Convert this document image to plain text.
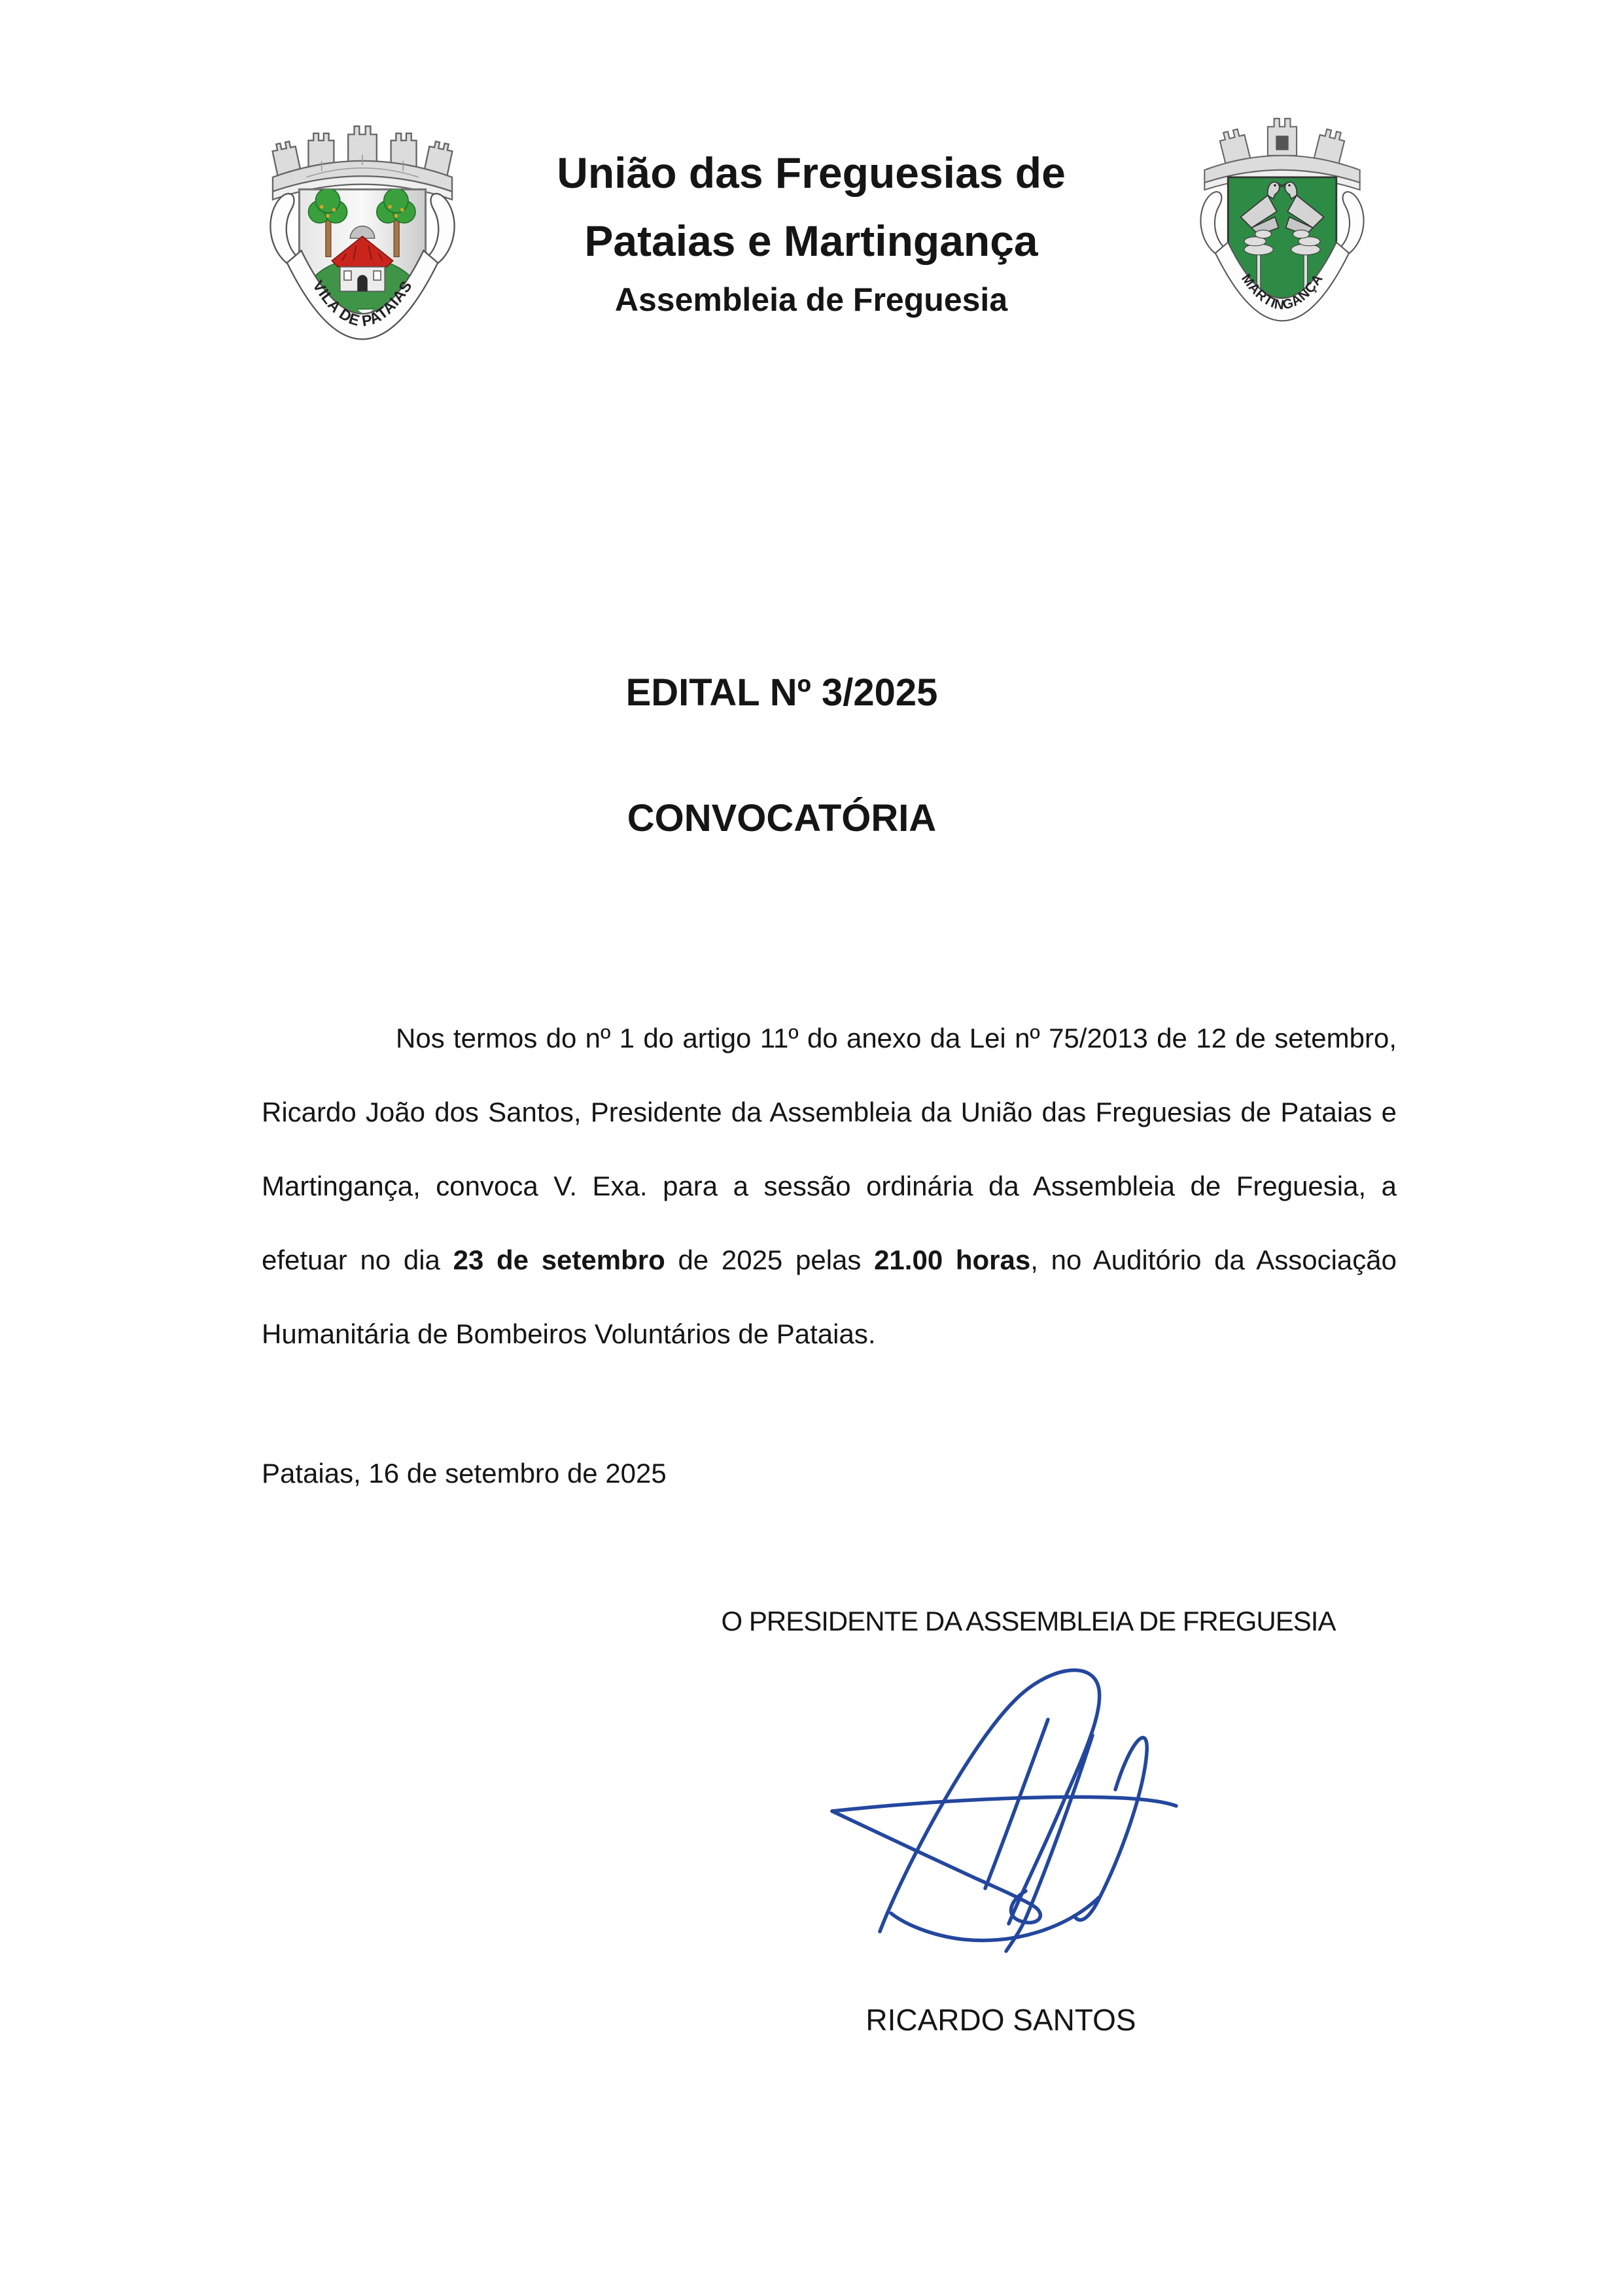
VILA DE PATAIAS
União das Freguesias de
Pataias e Martingança
Assembleia de Freguesia
MARTINGANÇA
EDITAL Nº 3/2025
CONVOCATÓRIA

Nos termos do nº 1 do artigo 11º do anexo da Lei nº 75/2013 de 12 de setembro, Ricardo João dos Santos, Presidente da Assembleia da União das Freguesias de Pataias e Martingança, convoca V. Exa. para a sessão ordinária da Assembleia de Freguesia, a efetuar no dia 23 de setembro de 2025 pelas 21.00 horas, no Auditório da Associação Humanitária de Bombeiros Voluntários de Pataias.

Pataias, 16 de setembro de 2025

O PRESIDENTE DA ASSEMBLEIA DE FREGUESIA
RICARDO SANTOS
